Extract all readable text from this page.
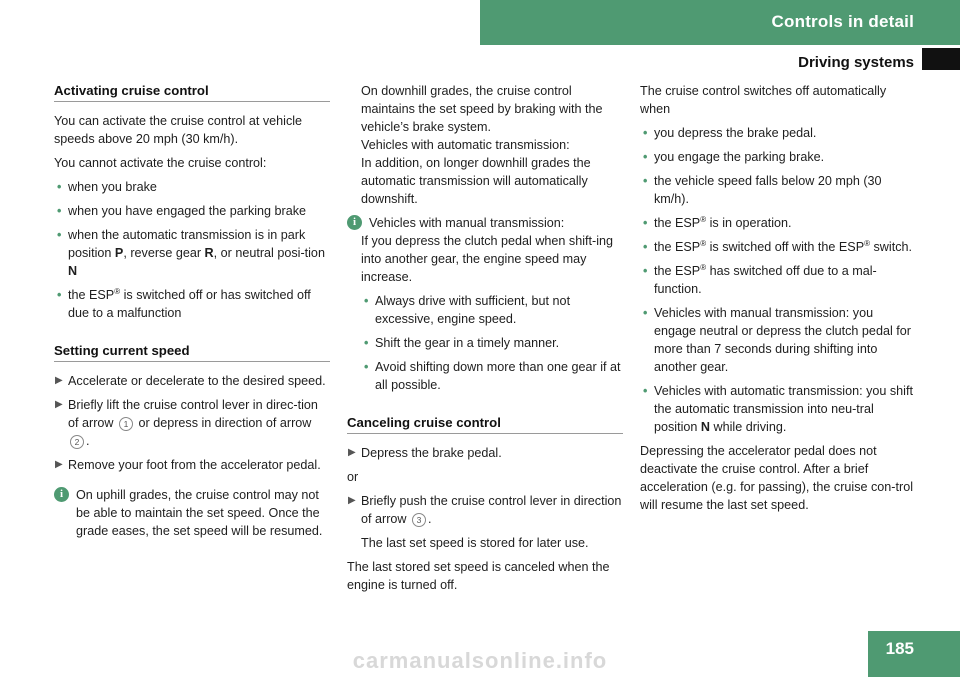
Controls in detail
Driving systems
Activating cruise control

You can activate the cruise control at vehicle speeds above 20 mph (30 km/h).

You cannot activate the cruise control:

• when you brake
• when you have engaged the parking brake
• when the automatic transmission is in park position P, reverse gear R, or neutral posi-tion N
• the ESP® is switched off or has switched off due to a malfunction
Setting current speed
▶ Accelerate or decelerate to the desired speed.
▶ Briefly lift the cruise control lever in direc-tion of arrow 1 or depress in direction of arrow 2 .
▶ Remove your foot from the accelerator pedal.
i	On uphill grades, the cruise control may not be able to maintain the set speed. Once the grade eases, the set speed will be resumed.
On downhill grades, the cruise control maintains the set speed by braking with the vehicle’s brake system.
Vehicles with automatic transmission:
In addition, on longer downhill grades the automatic transmission will automatically downshift.
i	Vehicles with manual transmission:
If you depress the clutch pedal when shift-ing into another gear, the engine speed may increase.
• Always drive with sufficient, but not excessive, engine speed.
• Shift the gear in a timely manner.
• Avoid shifting down more than one gear if at all possible.
Canceling cruise control
▶ Depress the brake pedal.

or

▶ Briefly push the cruise control lever in direction of arrow 3 .

The last set speed is stored for later use.

The last stored set speed is canceled when the engine is turned off.

The cruise control switches off automatically when

• you depress the brake pedal.
• you engage the parking brake.
• the vehicle speed falls below 20 mph (30 km/h).
• the ESP® is in operation.
• the ESP® is switched off with the ESP® switch.
• the ESP® has switched off due to a mal-function.
• Vehicles with manual transmission: you engage neutral or depress the clutch pedal for more than 7 seconds during shifting into another gear.
• Vehicles with automatic transmission: you shift the automatic transmission into neu-tral position N while driving.

Depressing the accelerator pedal does not deactivate the cruise control. After a brief acceleration (e.g. for passing), the cruise con-trol will resume the last set speed.

carmanualsonline.info	185
